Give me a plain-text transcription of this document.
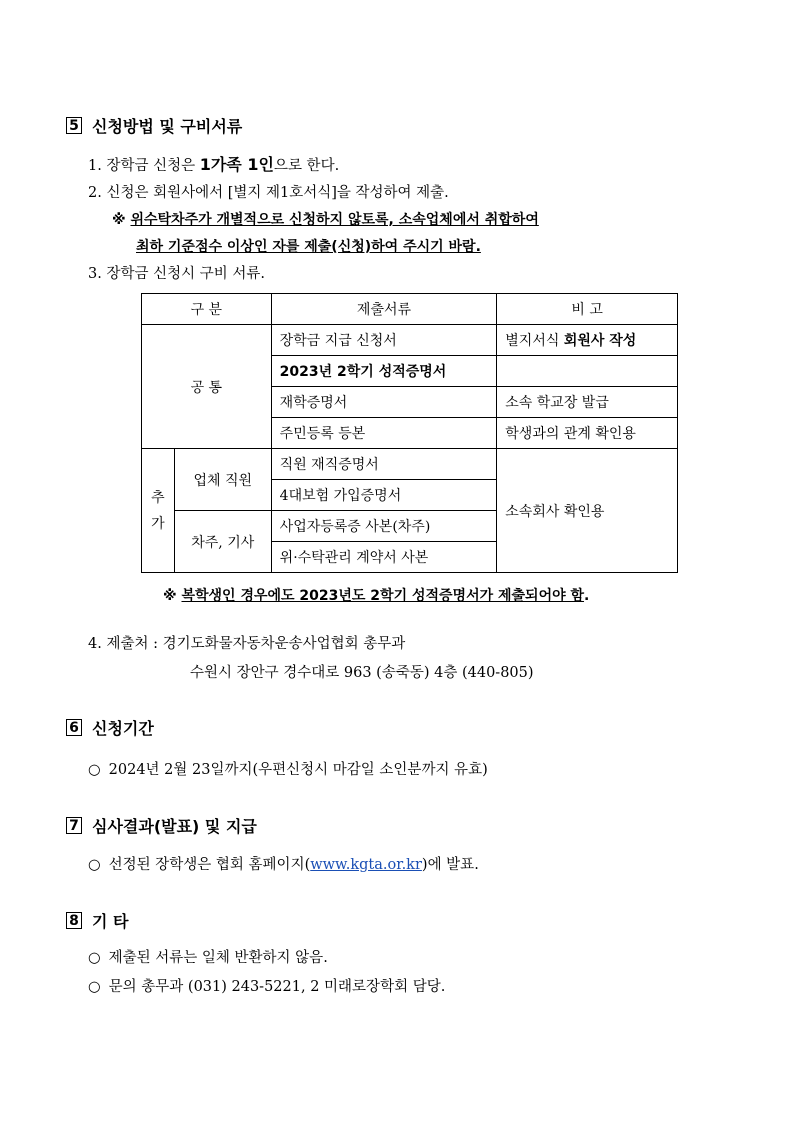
5 신청방법 및 구비서류
1. 장학금 신청은 1가족 1인으로 한다.
2. 신청은 회원사에서 [별지 제1호서식]을 작성하여 제출.
※ 위수탁차주가 개별적으로 신청하지 않토록, 소속업체에서 취합하여
최하 기준점수 이상인 자를 제출(신청)하여 주시기 바람.
3. 장학금 신청시 구비 서류.
구 분		제출서류	비 고
공 통		장학금 지급 신청서	별지서식 회원사 작성
		2023년 2학기 성적증명서	
		재학증명서	소속 학교장 발급
		주민등록 등본	학생과의 관계 확인용

추
가	업체 직원	직원 재직증명서	소속회사 확인용
		4대보험 가입증명서	
	차주, 기사	사업자등록증 사본(차주)	
		위·수탁관리 계약서 사본	
※ 복학생인 경우에도 2023년도 2학기 성적증명서가 제출되어야 함.
4. 제출처 : 경기도화물자동차운송사업협회 총무과
수원시 장안구 경수대로 963 (송죽동) 4층 (440-805)
6 신청기간
○ 2024년 2월 23일까지(우편신청시 마감일 소인분까지 유효)
7 심사결과(발표) 및 지급
○ 선정된 장학생은 협회 홈페이지(www.kgta.or.kr)에 발표.
8 기 타
○ 제출된 서류는 일체 반환하지 않음.
○ 문의 총무과 (031) 243-5221, 2 미래로장학회 담당.
